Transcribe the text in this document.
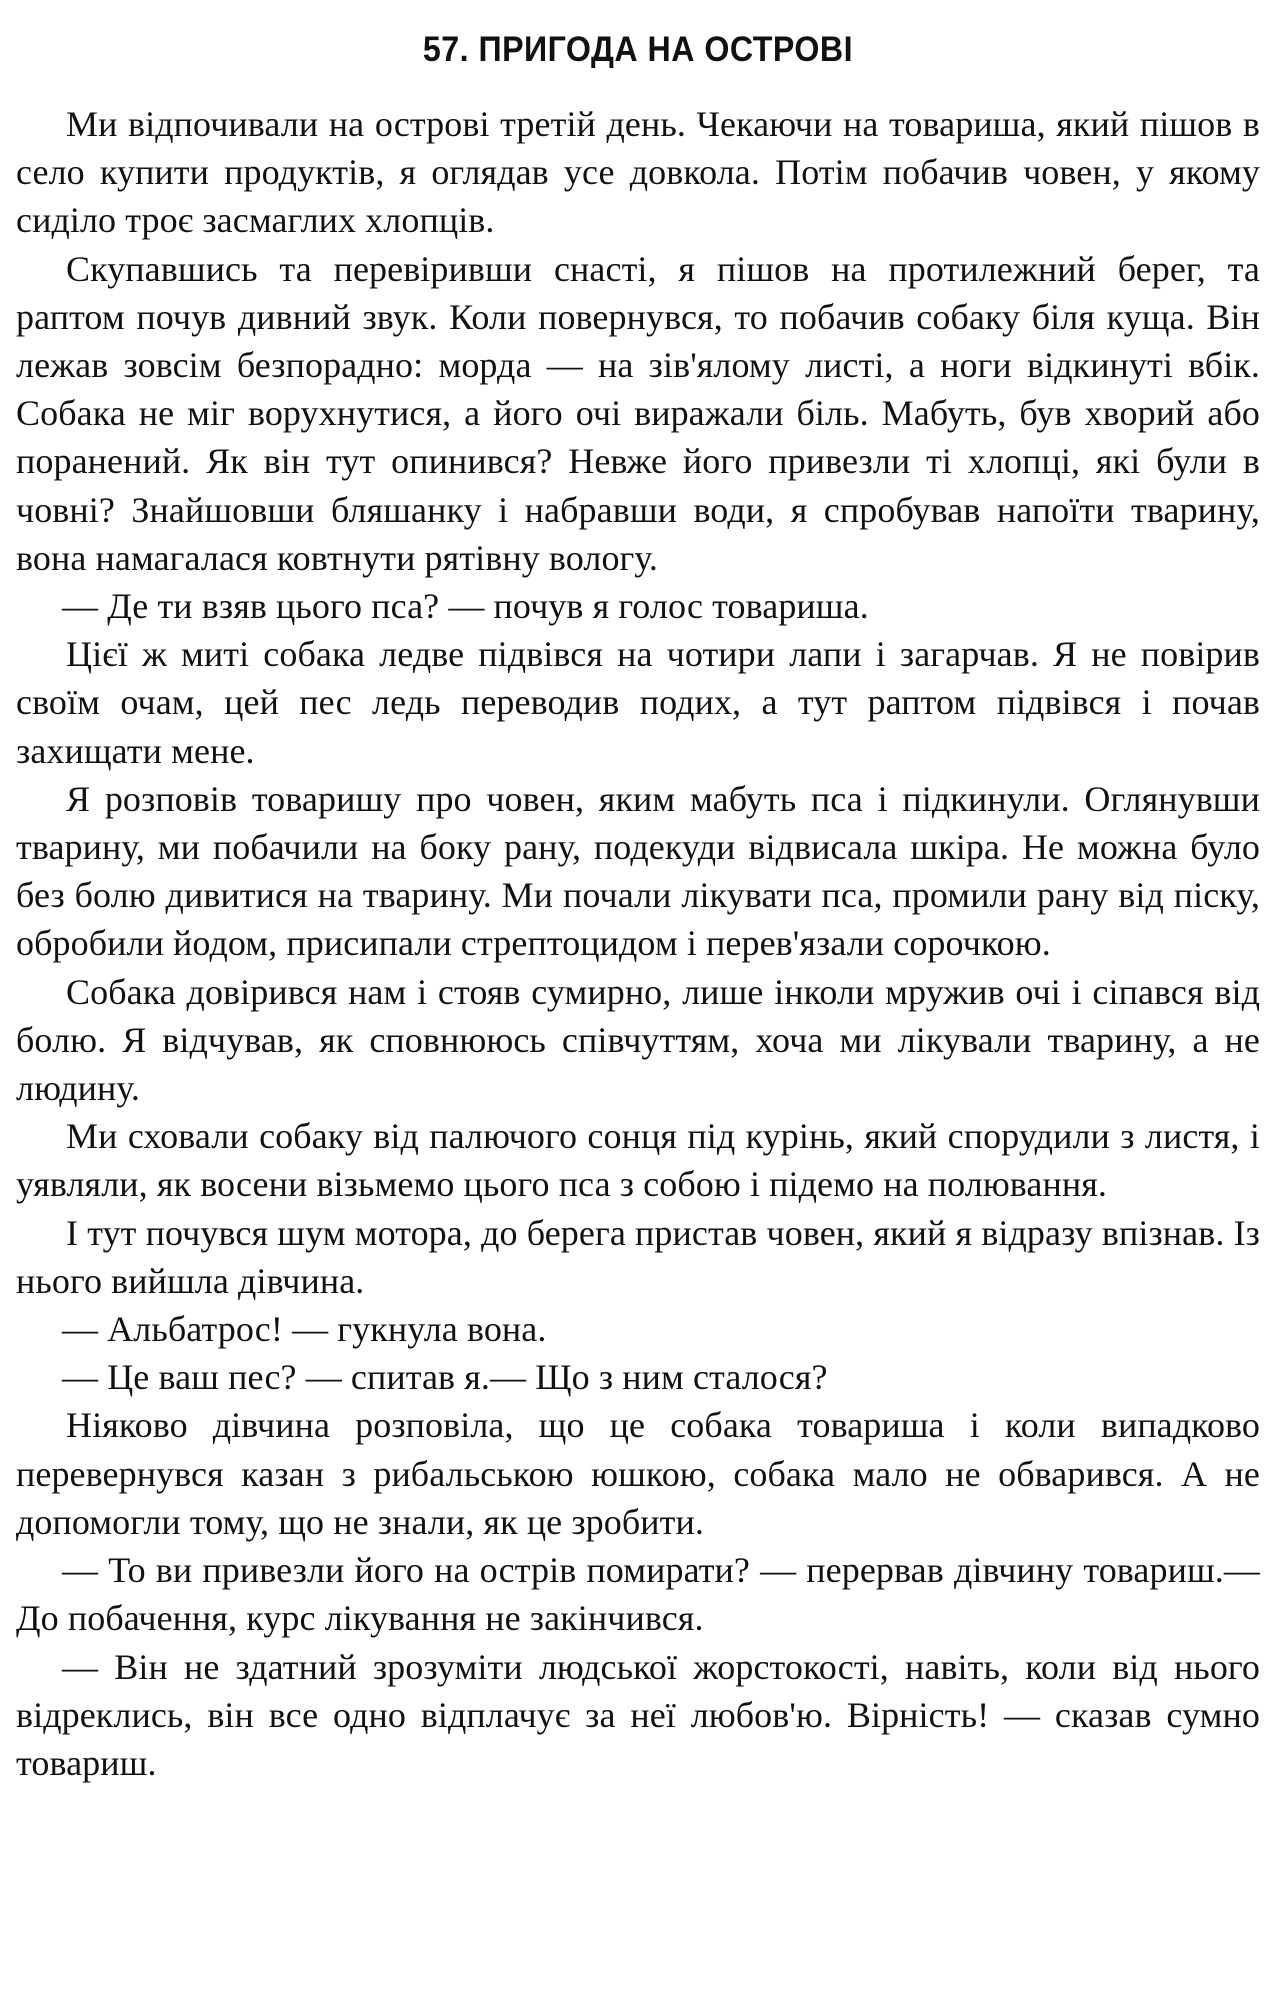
57. ПРИГОДА НА ОСТРОВІ

Ми відпочивали на острові третій день. Чекаючи на товариша, який пішов в село купити продуктів, я оглядав усе довкола. Потім побачив човен, у якому сиділо троє засмаглих хлопців.

Скупавшись та перевіривши снасті, я пішов на протилежний берег, та раптом почув дивний звук. Коли повернувся, то побачив собаку біля куща. Він лежав зовсім безпорадно: морда — на зів'ялому листі, а ноги відкинуті вбік. Собака не міг ворухнутися, а його очі виражали біль. Мабуть, був хворий або поранений. Як він тут опинився? Невже його привезли ті хлопці, які були в човні? Знайшовши бляшанку і набравши води, я спробував напоїти тварину, вона намагалася ковтнути рятівну вологу.

— Де ти взяв цього пса? — почув я голос товариша.

Цієї ж миті собака ледве підвівся на чотири лапи і загарчав. Я не повірив своїм очам, цей пес ледь переводив подих, а тут раптом підвівся і почав захищати мене.

Я розповів товаришу про човен, яким мабуть пса і підкинули. Оглянувши тварину, ми побачили на боку рану, подекуди відвисала шкіра. Не можна було без болю дивитися на тварину. Ми почали лікувати пса, промили рану від піску, обробили йодом, присипали стрептоцидом і перев'язали сорочкою.

Собака довірився нам і стояв сумирно, лише інколи мружив очі і сіпався від болю. Я відчував, як сповнююсь співчуттям, хоча ми лікували тварину, а не людину.

Ми сховали собаку від палючого сонця під курінь, який спорудили з листя, і уявляли, як восени візьмемо цього пса з собою і підемо на полювання.

І тут почувся шум мотора, до берега пристав човен, який я відразу впізнав. Із нього вийшла дівчина.

— Альбатрос! — гукнула вона.

— Це ваш пес? — спитав я.— Що з ним сталося?

Ніяково дівчина розповіла, що це собака товариша і коли випадково перевернувся казан з рибальською юшкою, собака мало не обварився. А не допомогли тому, що не знали, як це зробити.

— То ви привезли його на острів помирати? — перервав дівчину товариш.— До побачення, курс лікування не закінчився.

— Він не здатний зрозуміти людської жорстокості, навіть, коли від нього відреклись, він все одно відплачує за неї любов'ю. Вірність! — сказав сумно товариш.
